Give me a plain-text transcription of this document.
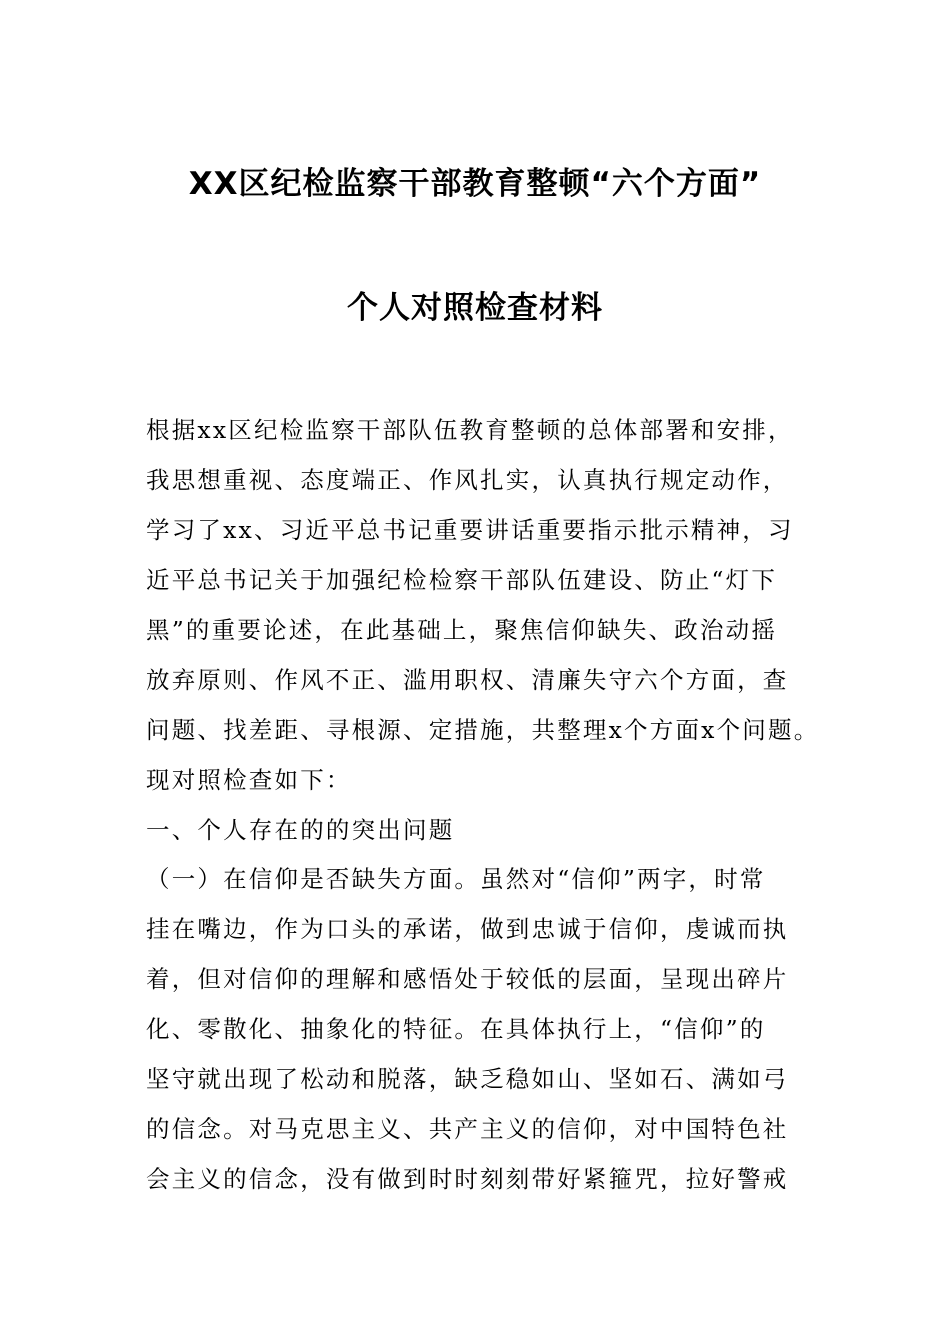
XX区纪检监察干部教育整顿“六个方面”
个人对照检查材料
根据xx区纪检监察干部队伍教育整顿的总体部署和安排，
我思想重视、态度端正、作风扎实，认真执行规定动作，
学习了xx、习近平总书记重要讲话重要指示批示精神，习
近平总书记关于加强纪检检察干部队伍建设、防止“灯下
黑”的重要论述，在此基础上，聚焦信仰缺失、政治动摇
放弃原则、作风不正、滥用职权、清廉失守六个方面，查
问题、找差距、寻根源、定措施，共整理x个方面x个问题。
现对照检查如下：
一、个人存在的的突出问题
（一）在信仰是否缺失方面。虽然对“信仰”两字，时常
挂在嘴边，作为口头的承诺，做到忠诚于信仰，虔诚而执
着，但对信仰的理解和感悟处于较低的层面，呈现出碎片
化、零散化、抽象化的特征。在具体执行上，“信仰”的
坚守就出现了松动和脱落，缺乏稳如山、坚如石、满如弓
的信念。对马克思主义、共产主义的信仰，对中国特色社
会主义的信念，没有做到时时刻刻带好紧箍咒，拉好警戒
